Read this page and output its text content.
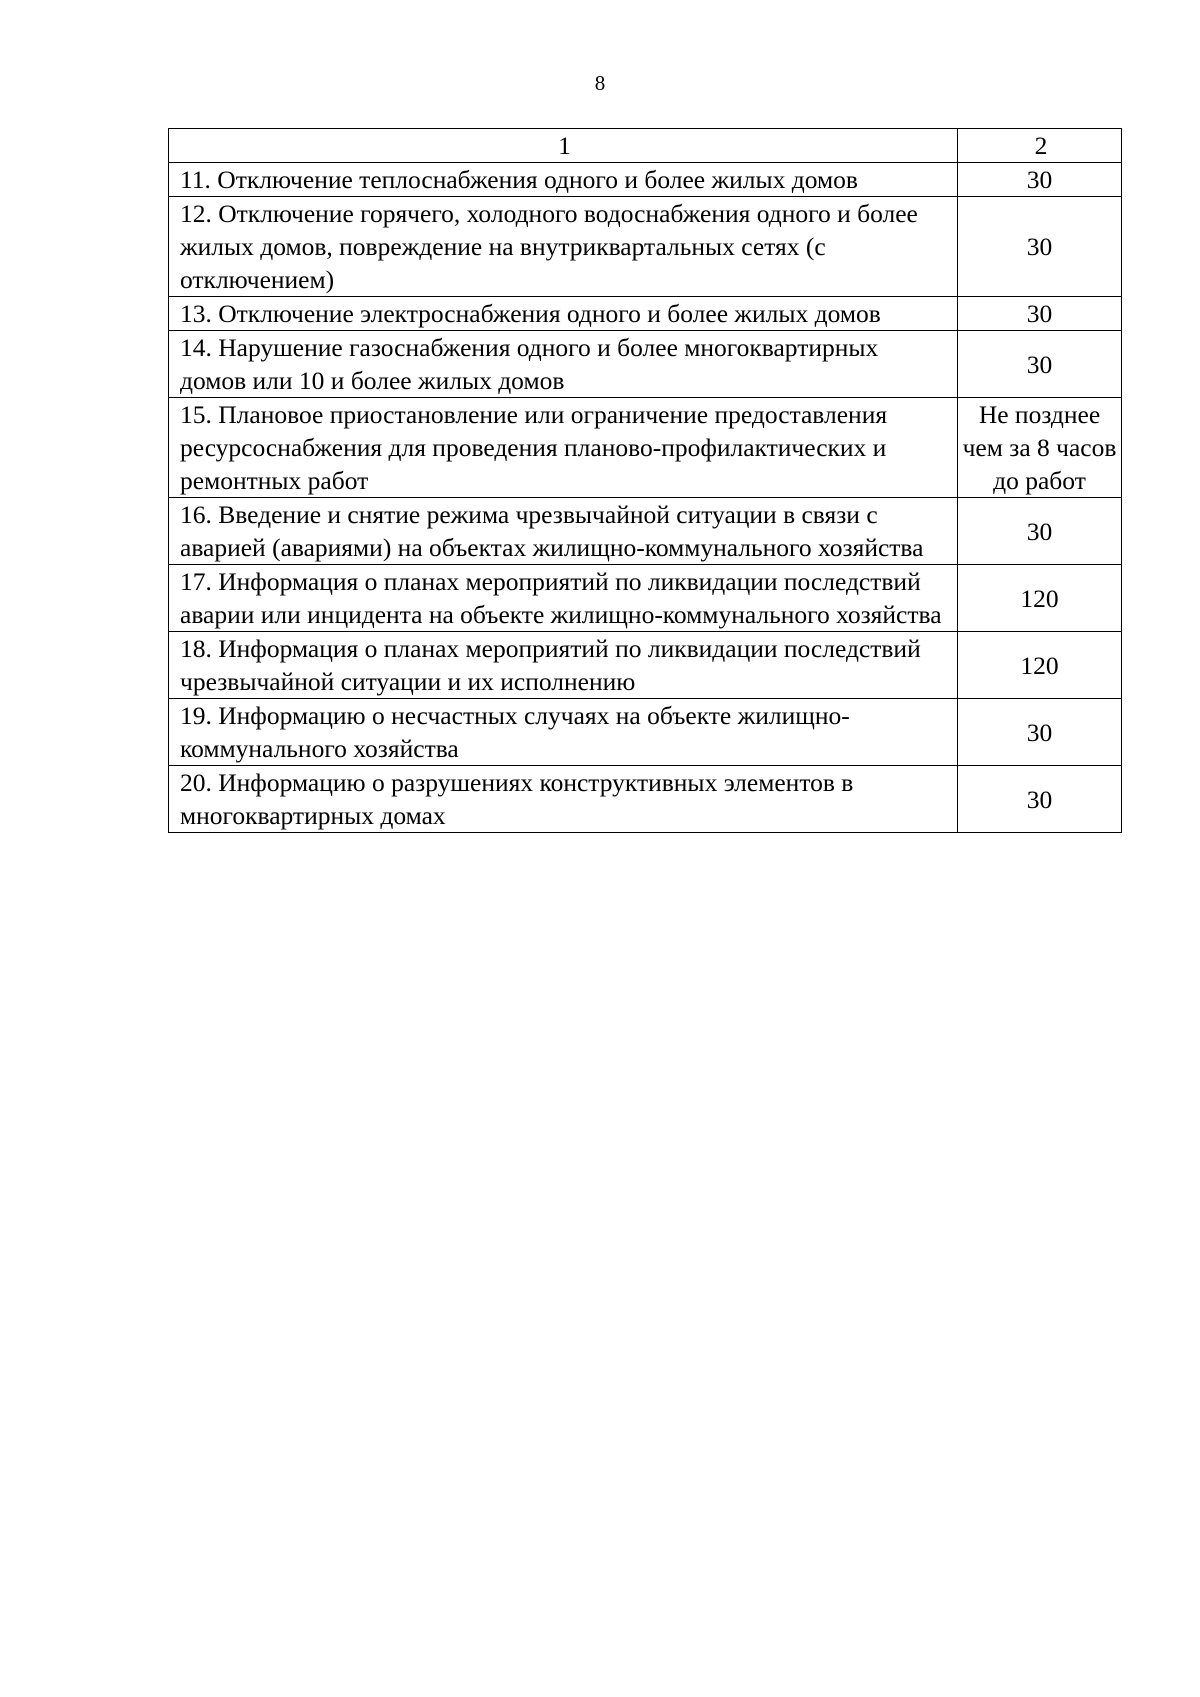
8
1	2
11. Отключение теплоснабжения одного и более жилых домов	30
12. Отключение горячего, холодного водоснабжения одного и более жилых домов, повреждение на внутриквартальных сетях (с отключением)	30
13. Отключение электроснабжения одного и более жилых домов	30
14. Нарушение газоснабжения одного и более многоквартирных домов или 10 и более жилых домов	30
15. Плановое приостановление или ограничение предоставления ресурсоснабжения для проведения планово-профилактических и ремонтных работ	Не позднее чем за 8 часов до работ
16. Введение и снятие режима чрезвычайной ситуации в связи с аварией (авариями) на объектах жилищно-коммунального хозяйства	30
17. Информация о планах мероприятий по ликвидации последствий аварии или инцидента на объекте жилищно-коммунального хозяйства	120
18. Информация о планах мероприятий по ликвидации последствий чрезвычайной ситуации и их исполнению	120
19. Информацию о несчастных случаях на объекте жилищно-коммунального хозяйства	30
20. Информацию о разрушениях конструктивных элементов в многоквартирных домах	30
